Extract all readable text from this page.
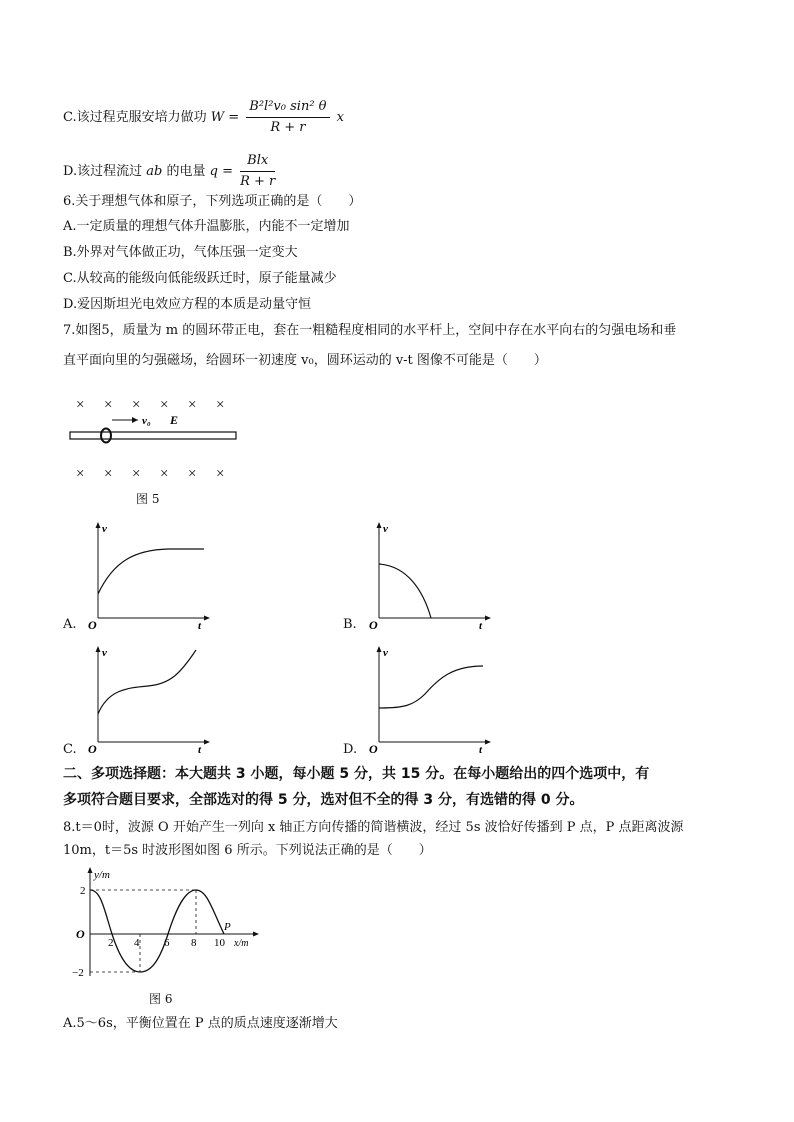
C.该过程克服安培力做功 $W = \frac{\text{B²l²v₀ sin² θ}}{R + r}$ x
D.该过程流过 ab 的电量 $q = \frac{\text{Blx}}{R + r}$
6.关于理想气体和原子，下列选项正确的是（　　）
A.一定质量的理想气体升温膨胀，内能不一定增加
B.外界对气体做正功，气体压强一定变大
C.从较高的能级向低能级跃迁时，原子能量减少
D.爱因斯坦光电效应方程的本质是动量守恒
7.如图5，质量为 m 的圆环带正电，套在一粗糙程度相同的水平杆上，空间中存在水平向右的匀强电场和垂
直平面向里的匀强磁场，给圆环一初速度 v₀，圆环运动的 v-t 图像不可能是（　　）
× × × × × ×
× × × × × ×
v₀ E
图 5
v
t
O
A.
v
t
O
B.
v
t
O
C.
v
t
O
D.
二、多项选择题：本大题共 3 小题，每小题 5 分，共 15 分。在每小题给出的四个选项中，有
多项符合题目要求，全部选对的得 5 分，选对但不全的得 3 分，有选错的得 0 分。
8.t＝0时，波源 O 开始产生一列向 x 轴正方向传播的简谐横波，经过 5s 波恰好传播到 P 点，P 点距离波源
10m，t＝5s 时波形图如图 6 所示。下列说法正确的是（　　）
y/m
x/m
O
2
−2
2 4 6 8 10
P
图 6
A.5～6s，平衡位置在 P 点的质点速度逐渐增大
